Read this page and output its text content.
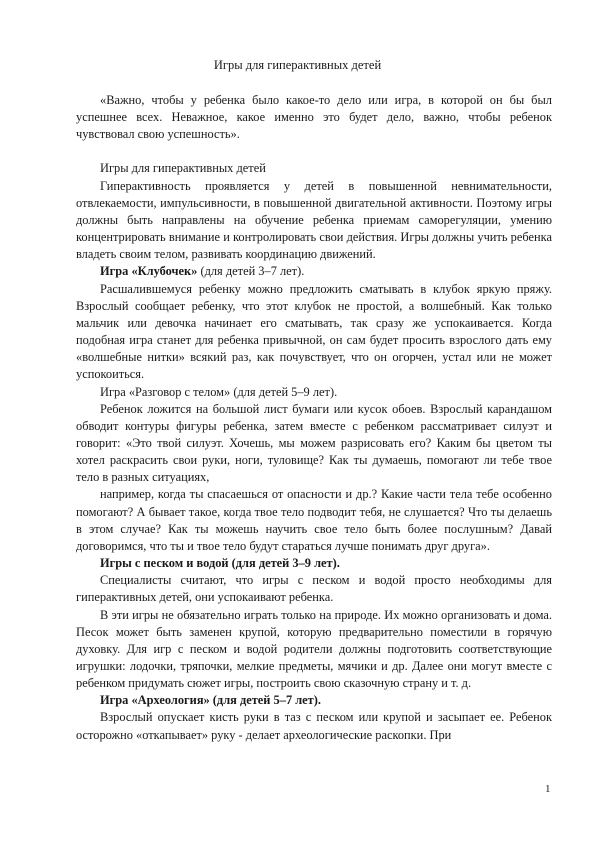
Игры для гиперактивных детей

«Важно, чтобы у ребенка было какое-то дело или игра, в которой он бы был успешнее всех. Неважное, какое именно это будет дело, важно, чтобы ребенок чувствовал свою успешность».

Игры для гиперактивных детей

Гиперактивность проявляется у детей в повышенной невнимательности, отвлекаемости, импульсивности, в повышенной двигательной активности. Поэтому игры должны быть направлены на обучение ребенка приемам саморегуляции, умению концентрировать внимание и контролировать свои действия. Игры должны учить ребенка владеть своим телом, развивать координацию движений.

Игра «Клубочек» (для детей 3–7 лет).

Расшалившемуся ребенку можно предложить сматывать в клубок яркую пряжу. Взрослый сообщает ребенку, что этот клубок не простой, а волшебный. Как только мальчик или девочка начинает его сматывать, так сразу же успокаивается. Когда подобная игра станет для ребенка привычной, он сам будет просить взрослого дать ему «волшебные нитки» всякий раз, как почувствует, что он огорчен, устал или не может успокоиться.

Игра «Разговор с телом» (для детей 5–9 лет).

Ребенок ложится на большой лист бумаги или кусок обоев. Взрослый карандашом обводит контуры фигуры ребенка, затем вместе с ребенком рассматривает силуэт и говорит: «Это твой силуэт. Хочешь, мы можем разрисовать его? Каким бы цветом ты хотел раскрасить свои руки, ноги, туловище? Как ты думаешь, помогают ли тебе твое тело в разных ситуациях,

например, когда ты спасаешься от опасности и др.? Какие части тела тебе особенно помогают? А бывает такое, когда твое тело подводит тебя, не слушается? Что ты делаешь в этом случае? Как ты можешь научить свое тело быть более послушным? Давай договоримся, что ты и твое тело будут стараться лучше понимать друг друга».

Игры с песком и водой (для детей 3–9 лет).

Специалисты считают, что игры с песком и водой просто необходимы для гиперактивных детей, они успокаивают ребенка.

В эти игры не обязательно играть только на природе. Их можно организовать и дома. Песок может быть заменен крупой, которую предварительно поместили в горячую духовку. Для игр с песком и водой родители должны подготовить соответствующие игрушки: лодочки, тряпочки, мелкие предметы, мячики и др. Далее они могут вместе с ребенком придумать сюжет игры, построить свою сказочную страну и т. д.

Игра «Археология» (для детей 5–7 лет).

Взрослый опускает кисть руки в таз с песком или крупой и засыпает ее. Ребенок осторожно «откапывает» руку - делает археологические раскопки. При

1
